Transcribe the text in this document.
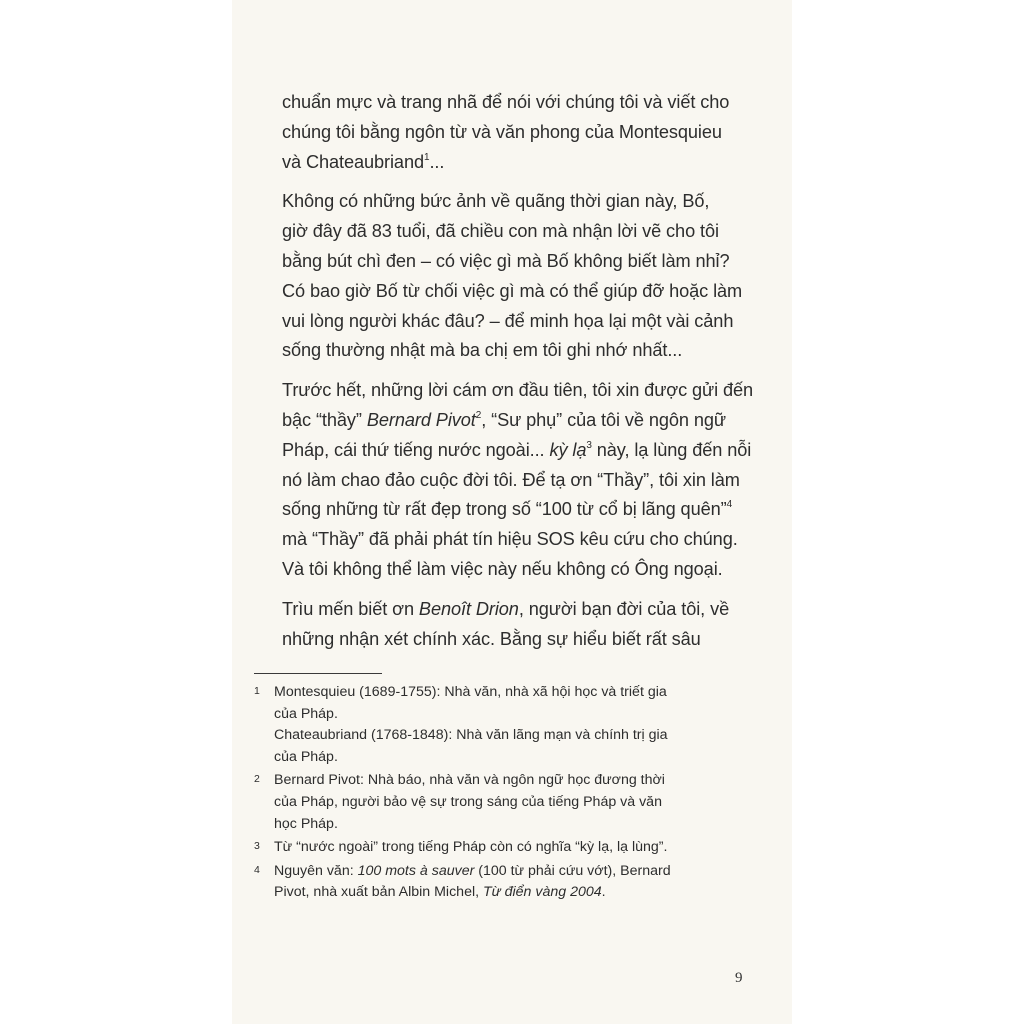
chuẩn mực và trang nhã để nói với chúng tôi và viết cho
chúng tôi bằng ngôn từ và văn phong của Montesquieu
và Chateaubriand$^1$...

Không có những bức ảnh về quãng thời gian này, Bố,
giờ đây đã 83 tuổi, đã chiều con mà nhận lời vẽ cho tôi
bằng bút chì đen – có việc gì mà Bố không biết làm nhỉ?
Có bao giờ Bố từ chối việc gì mà có thể giúp đỡ hoặc làm
vui lòng người khác đâu? – để minh họa lại một vài cảnh
sống thường nhật mà ba chị em tôi ghi nhớ nhất...

Trước hết, những lời cám ơn đầu tiên, tôi xin được gửi đến
bậc “thầy” Bernard Pivot$^2$, “Sư phụ” của tôi về ngôn ngữ
Pháp, cái thứ tiếng nước ngoài... kỳ lạ$^3$ này, lạ lùng đến nỗi
nó làm chao đảo cuộc đời tôi. Để tạ ơn “Thầy”, tôi xin làm
sống những từ rất đẹp trong số “100 từ cổ bị lãng quên”$^4$
mà “Thầy” đã phải phát tín hiệu SOS kêu cứu cho chúng.
Và tôi không thể làm việc này nếu không có Ông ngoại.

Trìu mến biết ơn Benoît Drion, người bạn đời của tôi, về
những nhận xét chính xác. Bằng sự hiểu biết rất sâu

1 Montesquieu (1689-1755): Nhà văn, nhà xã hội học và triết gia
của Pháp.
Chateaubriand (1768-1848): Nhà văn lãng mạn và chính trị gia
của Pháp.
2 Bernard Pivot: Nhà báo, nhà văn và ngôn ngữ học đương thời
của Pháp, người bảo vệ sự trong sáng của tiếng Pháp và văn
học Pháp.
3 Từ “nước ngoài” trong tiếng Pháp còn có nghĩa “kỳ lạ, lạ lùng”.
4 Nguyên văn: 100 mots à sauver (100 từ phải cứu vớt), Bernard
Pivot, nhà xuất bản Albin Michel, Từ điển vàng 2004.
9
